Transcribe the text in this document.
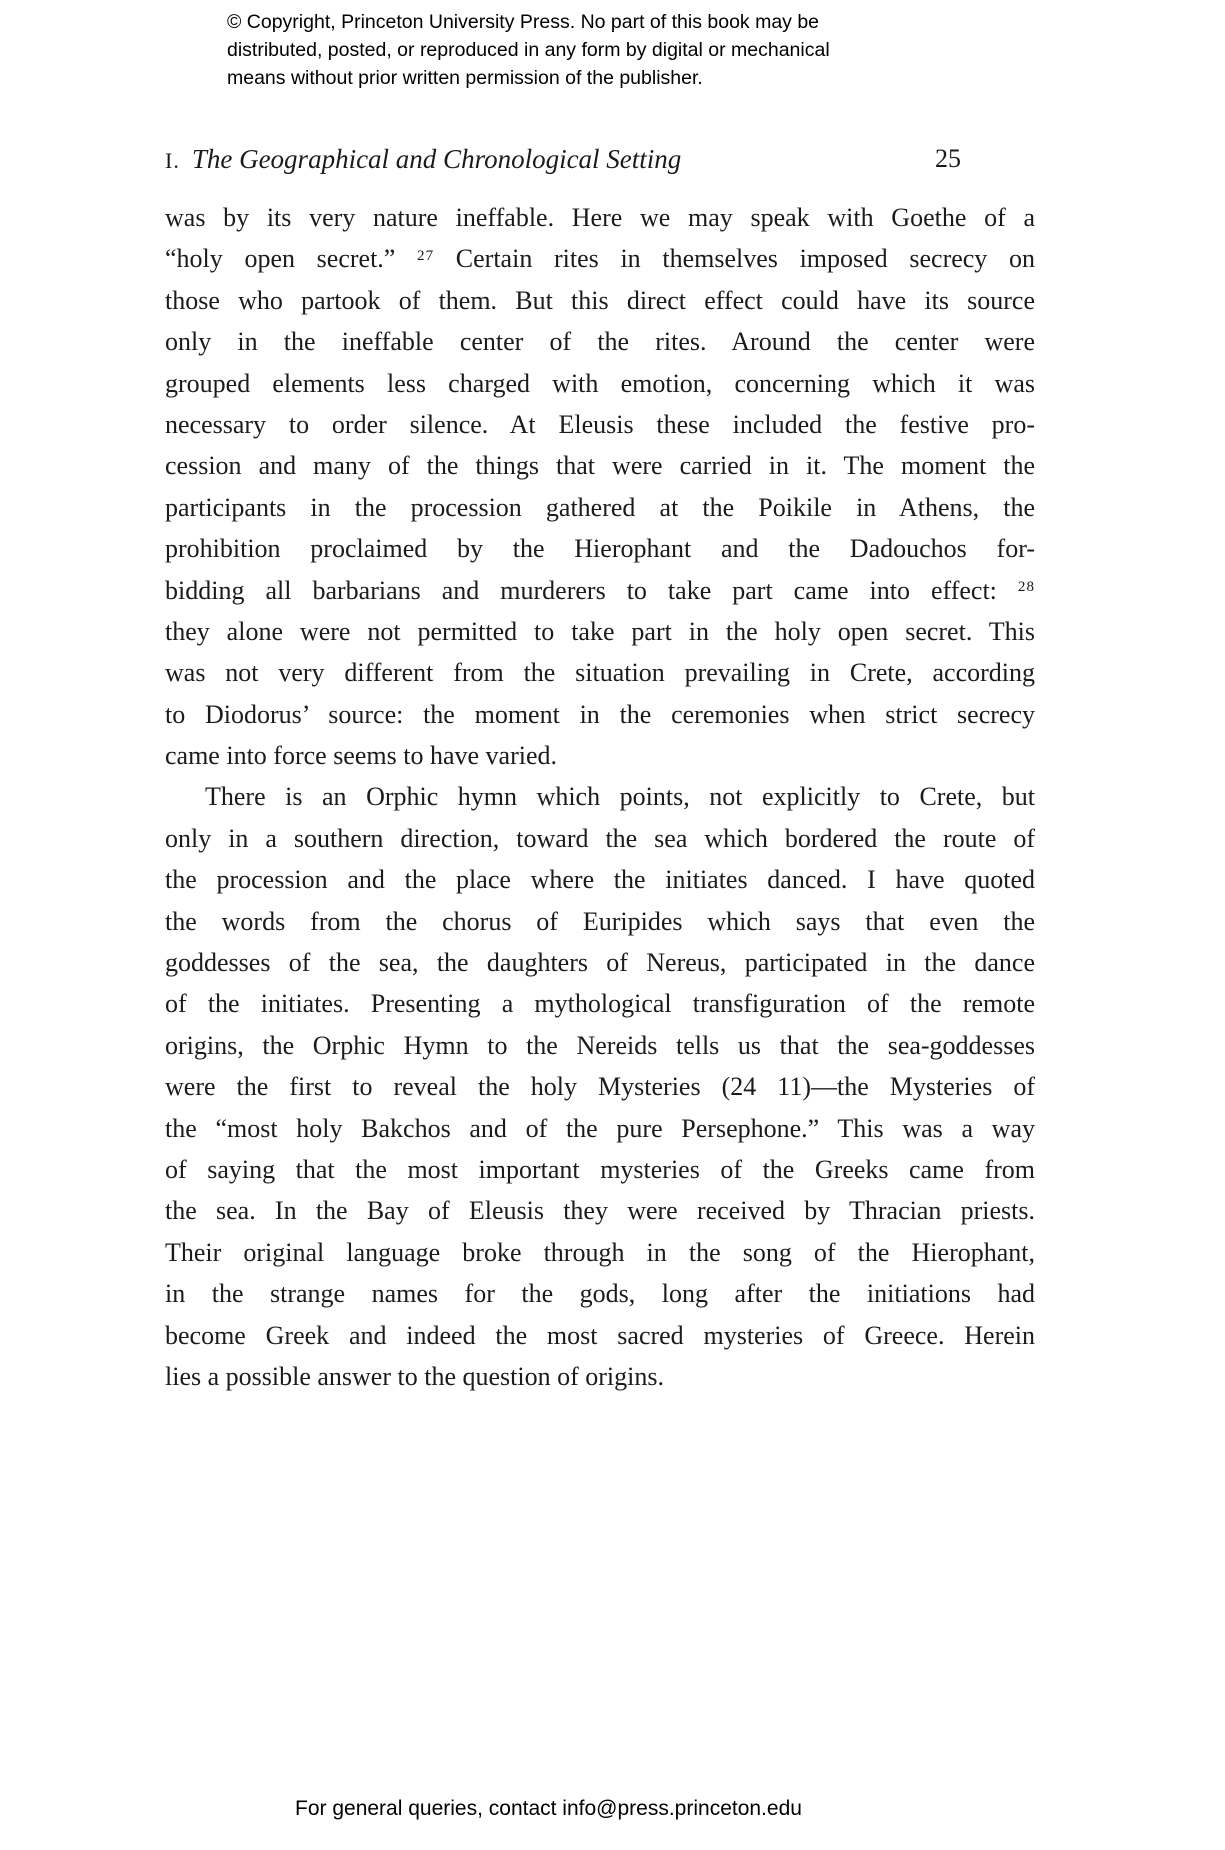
© Copyright, Princeton University Press. No part of this book may be
distributed, posted, or reproduced in any form by digital or mechanical
means without prior written permission of the publisher.
I. The Geographical and Chronological Setting	25
was by its very nature ineffable. Here we may speak with Goethe of a
“holy open secret.” $^{27}$ Certain rites in themselves imposed secrecy on
those who partook of them. But this direct effect could have its source
only in the ineffable center of the rites. Around the center were
grouped elements less charged with emotion, concerning which it was
necessary to order silence. At Eleusis these included the festive pro-
cession and many of the things that were carried in it. The moment the
participants in the procession gathered at the Poikile in Athens, the
prohibition proclaimed by the Hierophant and the Dadouchos for-
bidding all barbarians and murderers to take part came into effect: $^{28}$
they alone were not permitted to take part in the holy open secret. This
was not very different from the situation prevailing in Crete, according
to Diodorus’ source: the moment in the ceremonies when strict secrecy
came into force seems to have varied.
There is an Orphic hymn which points, not explicitly to Crete, but
only in a southern direction, toward the sea which bordered the route of
the procession and the place where the initiates danced. I have quoted
the words from the chorus of Euripides which says that even the
goddesses of the sea, the daughters of Nereus, participated in the dance
of the initiates. Presenting a mythological transfiguration of the remote
origins, the Orphic Hymn to the Nereids tells us that the sea-goddesses
were the first to reveal the holy Mysteries (24 11)—the Mysteries of
the “most holy Bakchos and of the pure Persephone.” This was a way
of saying that the most important mysteries of the Greeks came from
the sea. In the Bay of Eleusis they were received by Thracian priests.
Their original language broke through in the song of the Hierophant,
in the strange names for the gods, long after the initiations had
become Greek and indeed the most sacred mysteries of Greece. Herein
lies a possible answer to the question of origins.
For general queries, contact info@press.princeton.edu
